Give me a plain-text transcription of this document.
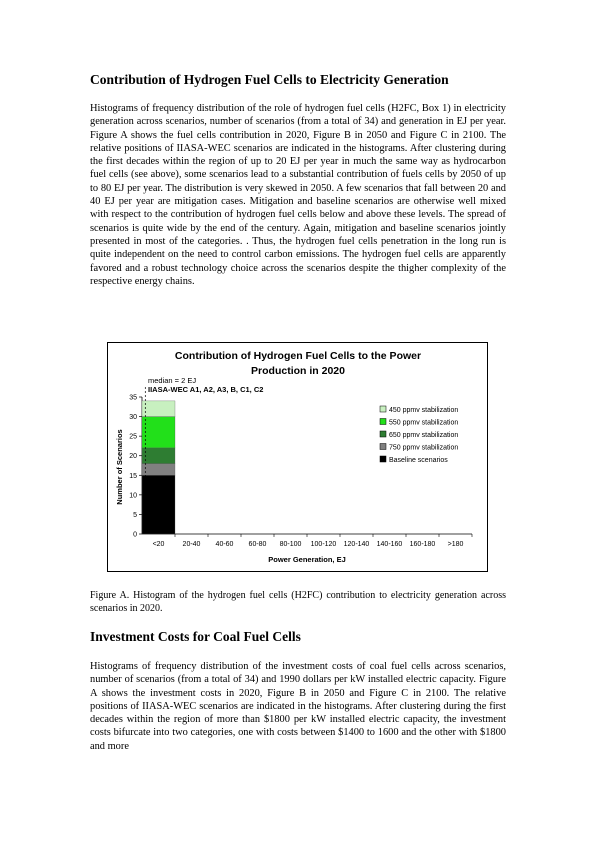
Contribution of Hydrogen Fuel Cells to Electricity Generation

Histograms of frequency distribution of the role of hydrogen fuel cells (H2FC, Box 1) in electricity generation across scenarios, number of scenarios (from a total of 34) and generation in EJ per year. Figure A shows the fuel cells contribution in 2020, Figure B in 2050 and Figure C in 2100. The relative positions of IIASA-WEC scenarios are indicated in the histograms. After clustering during the first decades within the region of up to 20 EJ per year in much the same way as hydrocarbon fuel cells (see above), some scenarios lead to a substantial contribution of fuels cells by 2050 of up to 80 EJ per year. The distribution is very skewed in 2050. A few scenarios that fall between 20 and 40 EJ per year are mitigation cases. Mitigation and baseline scenarios are otherwise well mixed with respect to the contribution of hydrogen fuel cells below and above these levels. The spread of scenarios is quite wide by the end of the century. Again, mitigation and baseline scenarios jointly presented in most of the categories. . Thus, the hydrogen fuel cells penetration in the long run is quite independent on the need to control carbon emissions. The hydrogen fuel cells are apparently favored and a robust technology choice across the scenarios despite the thigher complexity of the respective energy chains.

Contribution of Hydrogen Fuel Cells to the Power
Production in 2020
median = 2 EJ
IIASA-WEC A1, A2, A3, B, C1, C2
Number of Scenarios
Power Generation, EJ
0
5
10
15
20
25
30
35
<20	20-40 40-60 60-80 80-100 100-120 120-140 140-160 160-180 >180
450 ppmv stabilization
550 ppmv stabilization
650 ppmv stabilization
750 ppmv stabilization
Baseline scenarios

Figure A. Histogram of the hydrogen fuel cells (H2FC) contribution to electricity generation across scenarios in 2020.

Investment Costs for Coal Fuel Cells

Histograms of frequency distribution of the investment costs of coal fuel cells across scenarios, number of scenarios (from a total of 34) and 1990 dollars per kW installed electric capacity. Figure A shows the investment costs in 2020, Figure B in 2050 and Figure C in 2100. The relative positions of IIASA-WEC scenarios are indicated in the histograms. After clustering during the first decades within the region of more than $1800 per kW installed electric capacity, the investment costs bifurcate into two categories, one with costs between $1400 to 1600 and the other with $1800 and more
